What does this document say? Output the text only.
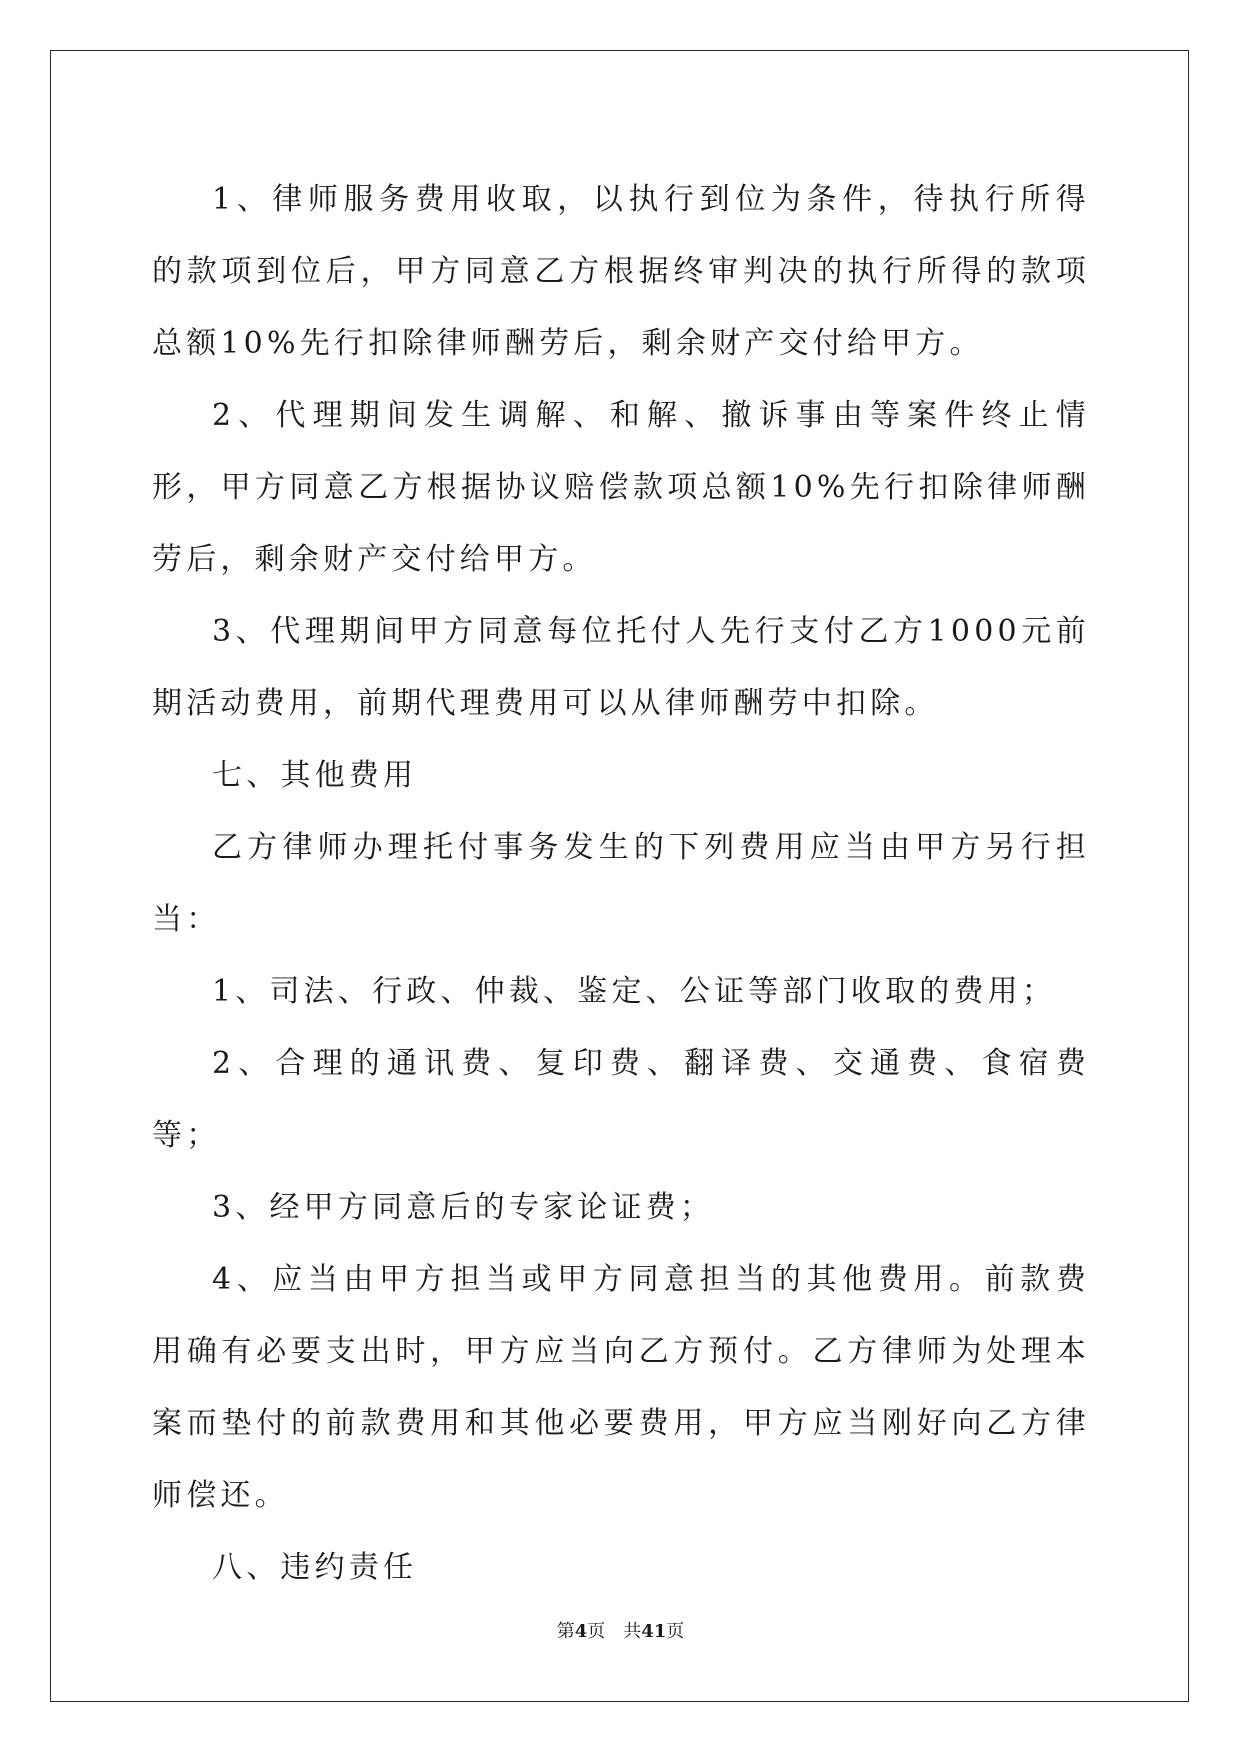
1、律师服务费用收取，以执行到位为条件，待执行所得的款项到位后，甲方同意乙方根据终审判决的执行所得的款项总额10%先行扣除律师酬劳后，剩余财产交付给甲方。

2、代理期间发生调解、和解、撤诉事由等案件终止情形，甲方同意乙方根据协议赔偿款项总额10%先行扣除律师酬劳后，剩余财产交付给甲方。

3、代理期间甲方同意每位托付人先行支付乙方1000元前期活动费用，前期代理费用可以从律师酬劳中扣除。

七、其他费用

乙方律师办理托付事务发生的下列费用应当由甲方另行担当：

1、司法、行政、仲裁、鉴定、公证等部门收取的费用；

2、合理的通讯费、复印费、翻译费、交通费、食宿费等；

3、经甲方同意后的专家论证费；

4、应当由甲方担当或甲方同意担当的其他费用。前款费用确有必要支出时，甲方应当向乙方预付。乙方律师为处理本案而垫付的前款费用和其他必要费用，甲方应当刚好向乙方律师偿还。

八、违约责任

第4页 共41页
